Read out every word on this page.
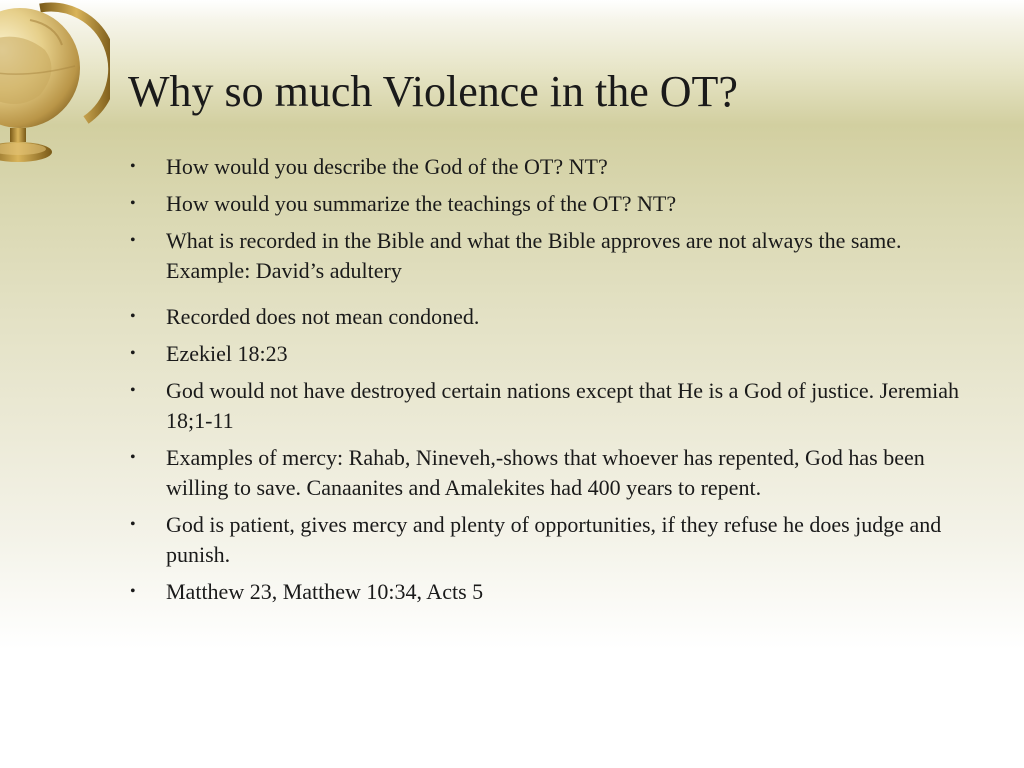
Why so much Violence in the OT?
• How would you describe the God of the OT? NT?
• How would you summarize the teachings of the OT? NT?
• What is recorded in the Bible and what the Bible approves are not always the same. Example: David’s adultery
• Recorded does not mean condoned.
• Ezekiel 18:23
• God would not have destroyed certain nations except that He is a God of justice. Jeremiah 18;1-11
• Examples of mercy: Rahab, Nineveh,-shows that whoever has repented, God has been willing to save. Canaanites and Amalekites had 400 years to repent.
• God is patient, gives mercy and plenty of opportunities, if they refuse he does judge and punish.
• Matthew 23, Matthew 10:34, Acts 5
